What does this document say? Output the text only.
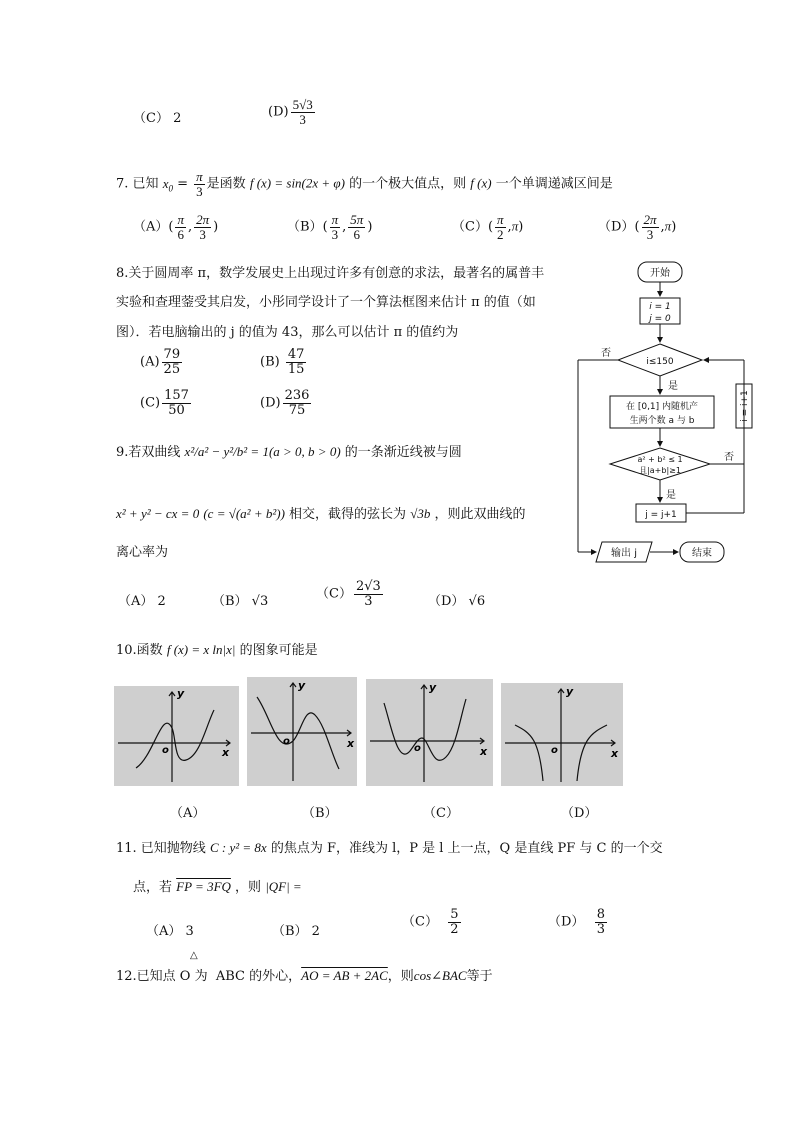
（C） 2	$(D) \frac{5√3}{3}$
7. 已知 $x_0 = \frac{\pi}{3}$ 是函数 f (x) = sin(2x + φ) 的一个极大值点，则 f (x) 一个单调递减区间是
$(A)( \frac{\pi}{6}$ , $\frac{2\pi}{3}$ )	$(B)( \frac{\pi}{3}$ , $\frac{5\pi}{6}$ )	$(C)( \frac{\pi}{2} ,\pi)$	$(D)( \frac{2\pi}{3} ,\pi)$
8.关于圆周率 π，数学发展史上出现过许多有创意的求法，最著名的属普丰
实验和查理蓥受其启发，小彤同学设计了一个算法框图来估计 π 的值（如
图）．若电脑输出的 j 的值为 43，那么可以估计 π 的值约为
$(A) \frac{79}{25}$	$(B) \frac{47}{15}$
$(C) \frac{157}{50}$	$(D) \frac{236}{75}$
开始
i = 1
j = 0
i≤150
否
是
在 [0,1] 内随机产
生两个数 a 与 b
a² + b² ≤ 1
且|a+b|≥1
否
是
j = j+1
i = i+1
输出 j	结束
9.若双曲线 x²/a² − y²/b² = 1(a > 0, b > 0) 的一条渐近线被与圆
x² + y² − cx = 0 (c = √(a² + b²)) 相交，截得的弦长为 √3b ，则此双曲线的
离心率为
（A） 2	（B） √3	$(C) \frac{2√3}{3}$	（D） √6
10.函数 f (x) = x ln|x| 的图象可能是
y
x
o
y
x
o
y
x
o
y
x
o
（A）	（B）	（C）	（D）
11. 已知抛物线 C : y² = 8x 的焦点为 F，准线为 l，P 是 l 上一点，Q 是直线 PF 与 C 的一个交
点，若 FP = 3FQ ，则 |QF| =
（A） 3	（B） 2
$(C) \frac{5}{2}$	$(D) \frac{8}{3}$
△
12.已知点 O 为 ABC 的外心，AO = AB + 2AC，则cos∠BAC等于
